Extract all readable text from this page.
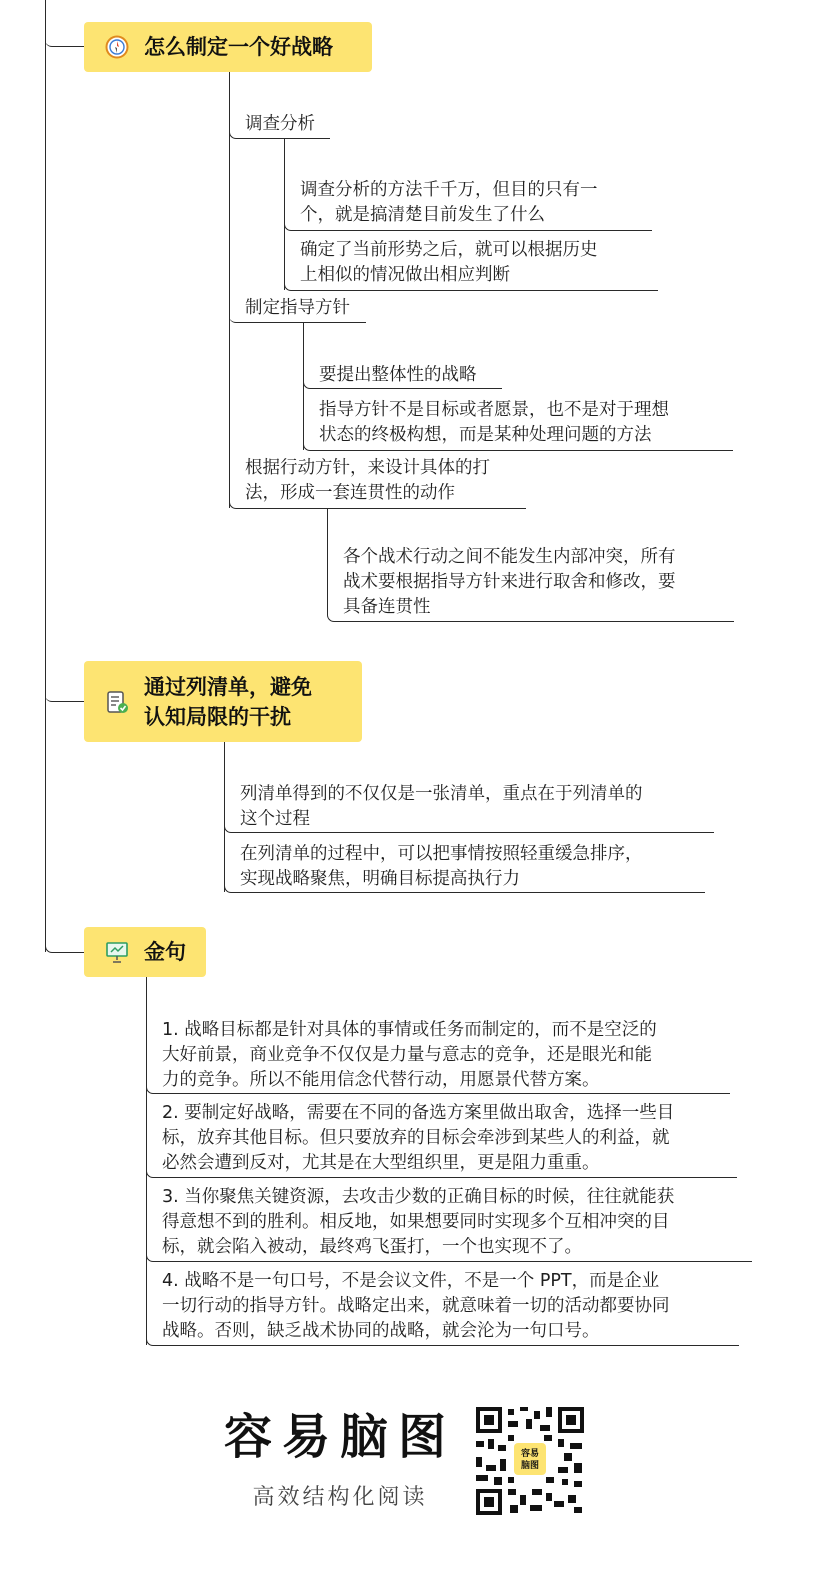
怎么制定一个好战略
调查分析
调查分析的方法千千万，但目的只有一
个，就是搞清楚目前发生了什么
确定了当前形势之后，就可以根据历史
上相似的情况做出相应判断
制定指导方针
要提出整体性的战略
指导方针不是目标或者愿景，也不是对于理想
状态的终极构想，而是某种处理问题的方法
根据行动方针，来设计具体的打
法，形成一套连贯性的动作
各个战术行动之间不能发生内部冲突，所有
战术要根据指导方针来进行取舍和修改，要
具备连贯性
通过列清单，避免
认知局限的干扰
列清单得到的不仅仅是一张清单，重点在于列清单的
这个过程
在列清单的过程中，可以把事情按照轻重缓急排序，
实现战略聚焦，明确目标提高执行力
金句
1. 战略目标都是针对具体的事情或任务而制定的，而不是空泛的
大好前景，商业竞争不仅仅是力量与意志的竞争，还是眼光和能
力的竞争。所以不能用信念代替行动，用愿景代替方案。
2. 要制定好战略，需要在不同的备选方案里做出取舍，选择一些目
标，放弃其他目标。但只要放弃的目标会牵涉到某些人的利益，就
必然会遭到反对，尤其是在大型组织里，更是阻力重重。
3. 当你聚焦关键资源，去攻击少数的正确目标的时候，往往就能获
得意想不到的胜利。相反地，如果想要同时实现多个互相冲突的目
标，就会陷入被动，最终鸡飞蛋打，一个也实现不了。
4. 战略不是一句口号，不是会议文件，不是一个 PPT，而是企业
一切行动的指导方针。战略定出来，就意味着一切的活动都要协同
战略。否则，缺乏战术协同的战略，就会沦为一句口号。
容易脑图
高效结构化阅读
容易
脑图
